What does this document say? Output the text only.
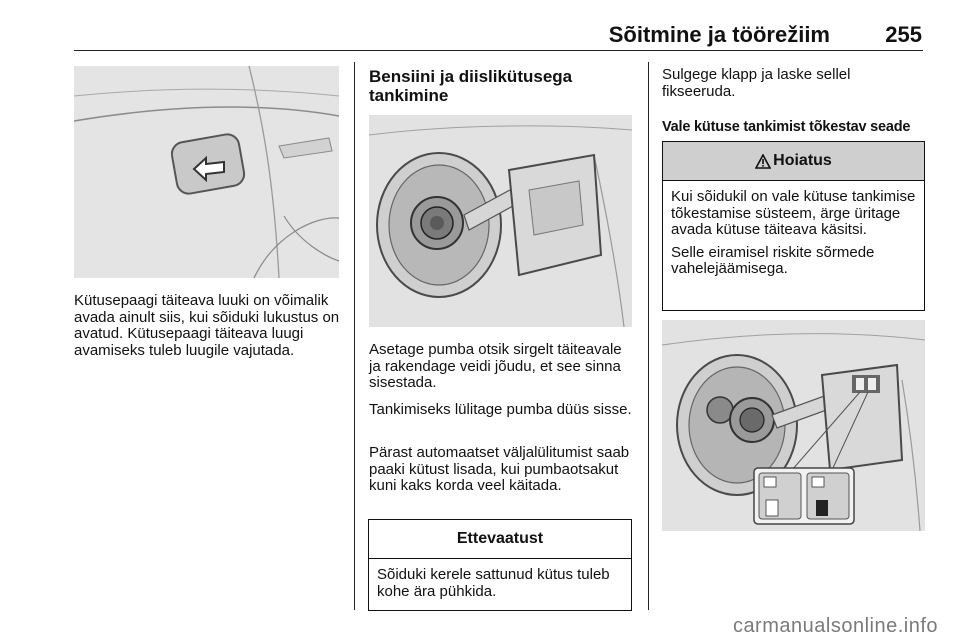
Sõitmine ja töörežiim	255

Kütusepaagi täiteava luuki on võimalik avada ainult siis, kui sõiduki lukustus on avatud. Kütusepaagi täiteava luugi avamiseks tuleb luugile vajutada.

Bensiini ja diislikütusega
tankimine

Asetage pumba otsik sirgelt täiteavale ja rakendage veidi jõudu, et see sinna sisestada.

Tankimiseks lülitage pumba düüs sisse.

Pärast automaatset väljalülitumist saab paaki kütust lisada, kui pumbaotsakut kuni kaks korda veel käitada.

Ettevaatust

Sõiduki kerele sattunud kütus tuleb kohe ära pühkida.

Sulgege klapp ja laske sellel fikseeruda.

Vale kütuse tankimist tõkestav seade

Hoiatus

Kui sõidukil on vale kütuse tankimise tõkestamise süsteem, ärge üritage avada kütuse täiteava käsitsi.

Selle eiramisel riskite sõrmede vahelejäämisega.

carmanualsonline.info
